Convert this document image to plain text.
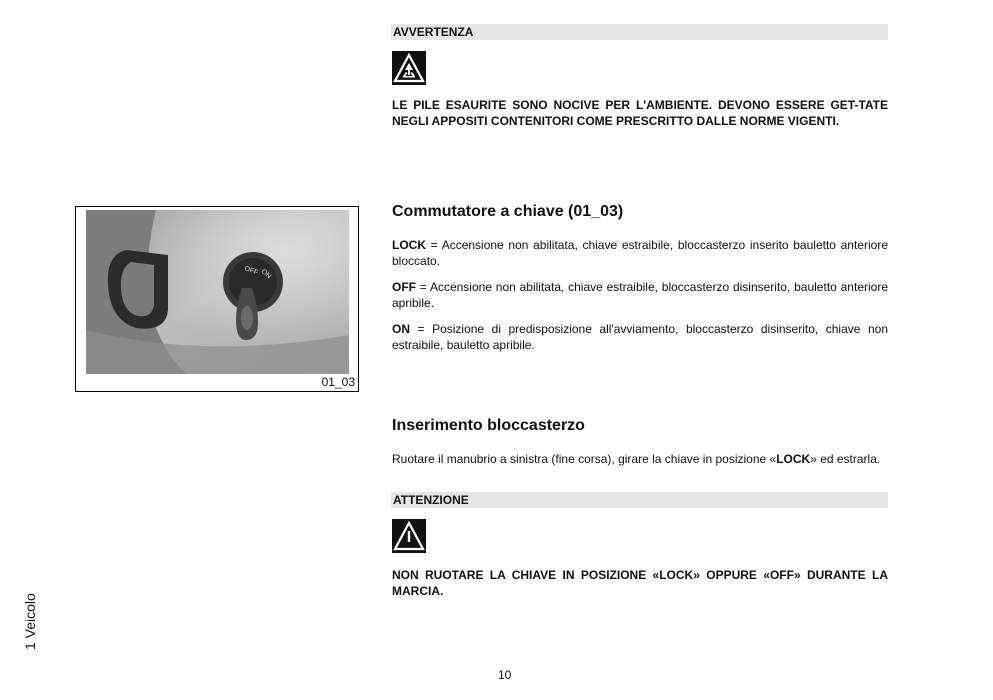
AVVERTENZA

LE PILE ESAURITE SONO NOCIVE PER L'AMBIENTE. DEVONO ESSERE GET-TATE NEGLI APPOSITI CONTENITORI COME PRESCRITTO DALLE NORME VIGENTI.

OFF ON
01_03
Commutatore a chiave (01_03)

LOCK = Accensione non abilitata, chiave estraibile, bloccasterzo inserito bauletto anteriore bloccato.

OFF = Accensione non abilitata, chiave estraibile, bloccasterzo disinserito, bauletto anteriore apribile.

ON = Posizione di predisposizione all'avviamento, bloccasterzo disinserito, chiave non estraibile, bauletto apribile.

Inserimento bloccasterzo

Ruotare il manubrio a sinistra (fine corsa), girare la chiave in posizione «LOCK» ed estrarla.

ATTENZIONE

NON RUOTARE LA CHIAVE IN POSIZIONE «LOCK» OPPURE «OFF» DURANTE LA MARCIA.

1 Veicolo
10
